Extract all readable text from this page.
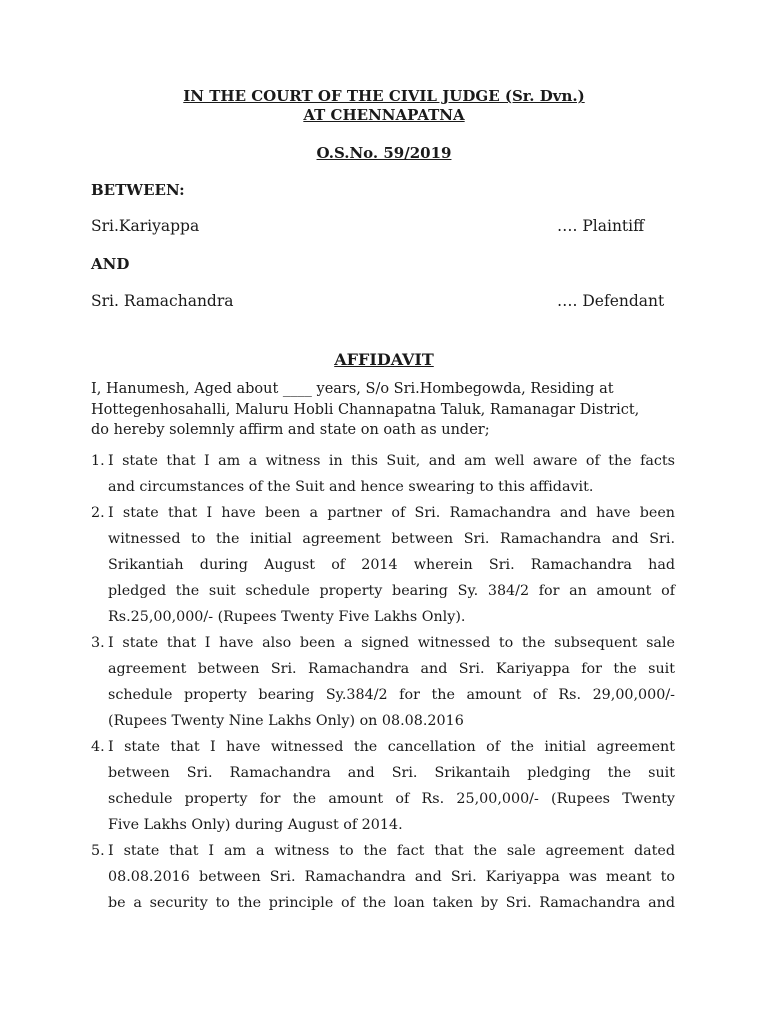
IN THE COURT OF THE CIVIL JUDGE (Sr. Dvn.)
AT CHENNAPATNA
O.S.No. 59/2019
BETWEEN:
Sri.Kariyappa	…. Plaintiff
AND
Sri. Ramachandra	…. Defendant
AFFIDAVIT
I, Hanumesh, Aged about ____ years, S/o Sri.Hombegowda, Residing at
Hottegenhosahalli, Maluru Hobli Channapatna Taluk, Ramanagar District,
do hereby solemnly affirm and state on oath as under;
1. I state that I am a witness in this Suit, and am well aware of the facts
and circumstances of the Suit and hence swearing to this affidavit.
2. I state that I have been a partner of Sri. Ramachandra and have been
witnessed to the initial agreement between Sri. Ramachandra and Sri.
Srikantiah during August of 2014 wherein Sri. Ramachandra had
pledged the suit schedule property bearing Sy. 384/2 for an amount of
Rs.25,00,000/- (Rupees Twenty Five Lakhs Only).
3. I state that I have also been a signed witnessed to the subsequent sale
agreement between Sri. Ramachandra and Sri. Kariyappa for the suit
schedule property bearing Sy.384/2 for the amount of Rs. 29,00,000/-
(Rupees Twenty Nine Lakhs Only) on 08.08.2016
4. I state that I have witnessed the cancellation of the initial agreement
between Sri. Ramachandra and Sri. Srikantaih pledging the suit
schedule property for the amount of Rs. 25,00,000/- (Rupees Twenty
Five Lakhs Only) during August of 2014.
5. I state that I am a witness to the fact that the sale agreement dated
08.08.2016 between Sri. Ramachandra and Sri. Kariyappa was meant to
be a security to the principle of the loan taken by Sri. Ramachandra and
